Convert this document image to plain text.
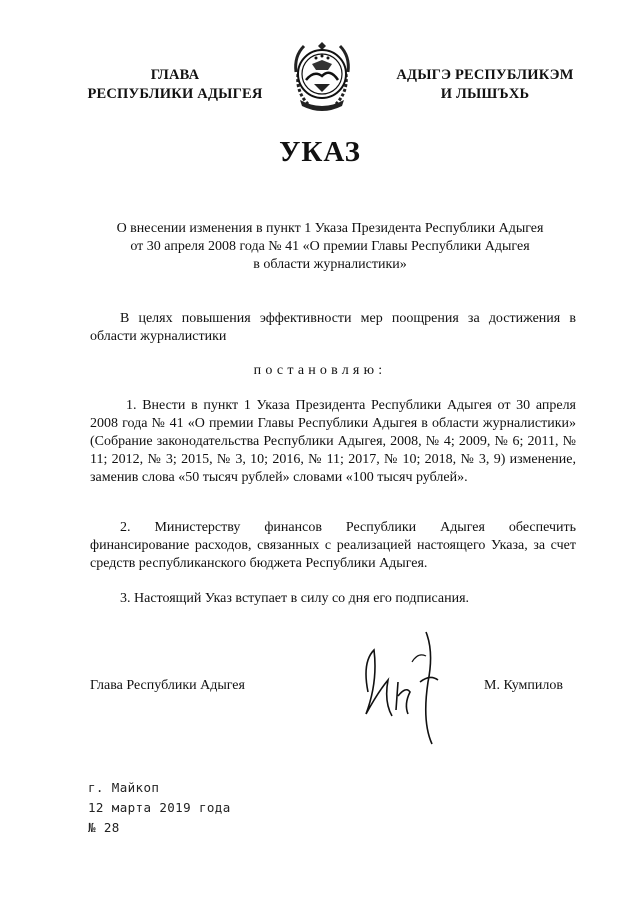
ГЛАВА
РЕСПУБЛИКИ АДЫГЕЯ
АДЫГЭ РЕСПУБЛИКЭМ
И ЛЫШЪХЬ
УКАЗ
О внесении изменения в пункт 1 Указа Президента Республики Адыгея
от 30 апреля 2008 года № 41 «О премии Главы Республики Адыгея
в области журналистики»
В целях повышения эффективности мер поощрения за достижения в области журналистики
постановляю:
1. Внести в пункт 1 Указа Президента Республики Адыгея от 30 апреля 2008 года № 41 «О премии Главы Республики Адыгея в области журналистики» (Собрание законодательства Республики Адыгея, 2008, № 4; 2009, № 6; 2011, № 11; 2012, № 3; 2015, № 3, 10; 2016, № 11; 2017, № 10; 2018, № 3, 9) изменение, заменив слова «50 тысяч рублей» словами «100 тысяч рублей».
2. Министерству финансов Республики Адыгея обеспечить финансирование расходов, связанных с реализацией настоящего Указа, за счет средств республиканского бюджета Республики Адыгея.
3. Настоящий Указ вступает в силу со дня его подписания.
Глава Республики Адыгея	М. Кумпилов
г. Майкоп
12 марта 2019 года
№ 28
